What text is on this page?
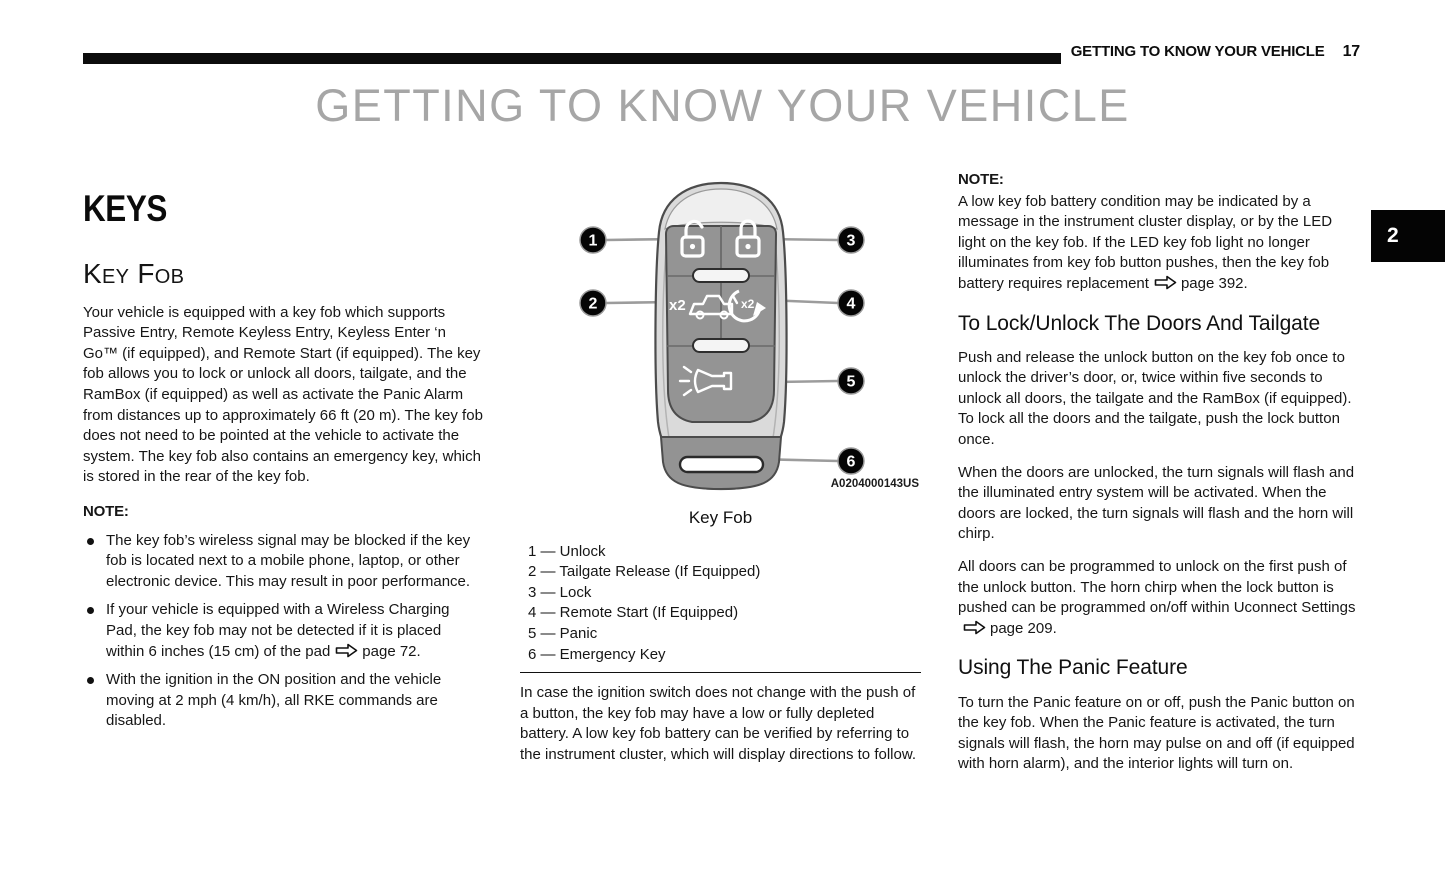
GETTING TO KNOW YOUR VEHICLE 17
GETTING TO KNOW YOUR VEHICLE
2
KEYS
Key Fob

Your vehicle is equipped with a key fob which supports Passive Entry, Remote Keyless Entry, Keyless Enter ‘n Go™ (if equipped), and Remote Start (if equipped). The key fob allows you to lock or unlock all doors, tailgate, and the RamBox (if equipped) as well as activate the Panic Alarm from distances up to approximately 66 ft (20 m). The key fob does not need to be pointed at the vehicle to activate the system. The key fob also contains an emergency key, which is stored in the rear of the key fob.

NOTE:
The key fob’s wireless signal may be blocked if the key fob is located next to a mobile phone, laptop, or other electronic device. This may result in poor performance.
If your vehicle is equipped with a Wireless Charging Pad, the key fob may not be detected if it is placed within 6 inches (15 cm) of the pad page 72.
With the ignition in the ON position and the vehicle moving at 2 mph (4 km/h), all RKE commands are disabled.
x2	x2
1
2
3
4
5
6
A0204000143US
Key Fob
1 — Unlock
2 — Tailgate Release (If Equipped)
3 — Lock
4 — Remote Start (If Equipped)
5 — Panic
6 — Emergency Key

In case the ignition switch does not change with the push of a button, the key fob may have a low or fully depleted battery. A low key fob battery can be verified by referring to the instrument cluster, which will display directions to follow.

NOTE:

A low key fob battery condition may be indicated by a message in the instrument cluster display, or by the LED light on the key fob. If the LED key fob light no longer illuminates from key fob button pushes, then the key fob battery requires replacement page 392.

To Lock/Unlock The Doors And Tailgate

Push and release the unlock button on the key fob once to unlock the driver’s door, or, twice within five seconds to unlock all doors, the tailgate and the RamBox (if equipped). To lock all the doors and the tailgate, push the lock button once.

When the doors are unlocked, the turn signals will flash and the illuminated entry system will be activated. When the doors are locked, the turn signals will flash and the horn will chirp.

All doors can be programmed to unlock on the first push of the unlock button. The horn chirp when the lock button is pushed can be programmed on/off within Uconnect Settingspage 209.

Using The Panic Feature

To turn the Panic feature on or off, push the Panic button on the key fob. When the Panic feature is activated, the turn signals will flash, the horn may pulse on and off (if equipped with horn alarm), and the interior lights will turn on.
